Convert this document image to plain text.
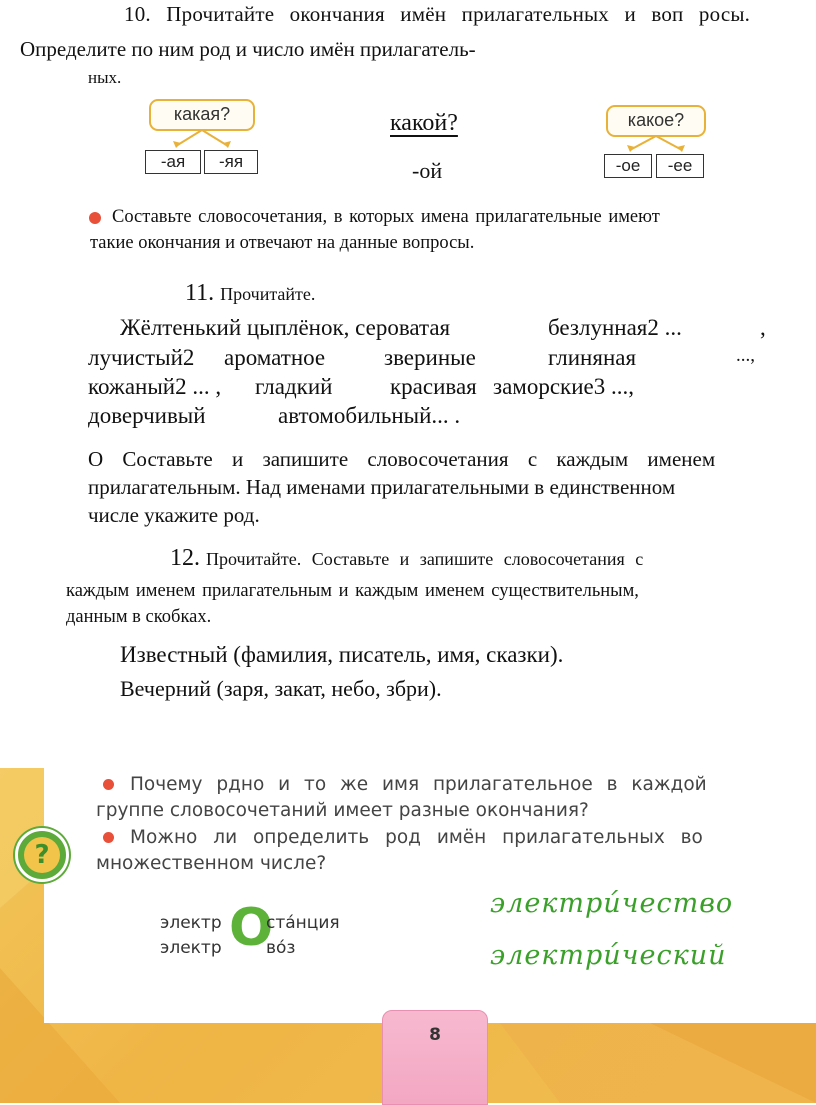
10. Прочитайте окончания имён прилагательных и воп росы.
Определите по ним род и число имён прилагатель-
ных.
какая?
-ая	-яя
какой?
-ой
какое?
-ое	-ее
Составьте словосочетания, в которых имена прилагательные имеют
такие окончания и отвечают на данные вопросы.
11. Прочитайте.
Жёлтенький цыплёнок, сероватая	безлунная2 ...	,
лучистый2 ароматное	звериные	глиняная	...,
кожаный2 ... , гладкий	красивая заморские3 ...,
доверчивый	автомобильный... .
О Составьте и запишите словосочетания с каждым именем
прилагательным. Над именами прилагательными в единственном
числе укажите род.
12. Прочитайте. Составьте и запишите словосочетания с
каждым именем прилагательным и каждым именем существительным,
данным в скобках.
Известный (фамилия, писатель, имя, сказки).
Вечерний (заря, закат, небо, збри).
?
Почему рдно и то же имя прилагательное в каждой
группе словосочетаний имеет разные окончания?
Можно ли определить род имён прилагательных во
множественном числе?
электр
электр О
ста́нция
во́з
электри́чество
электри́ческий
8
